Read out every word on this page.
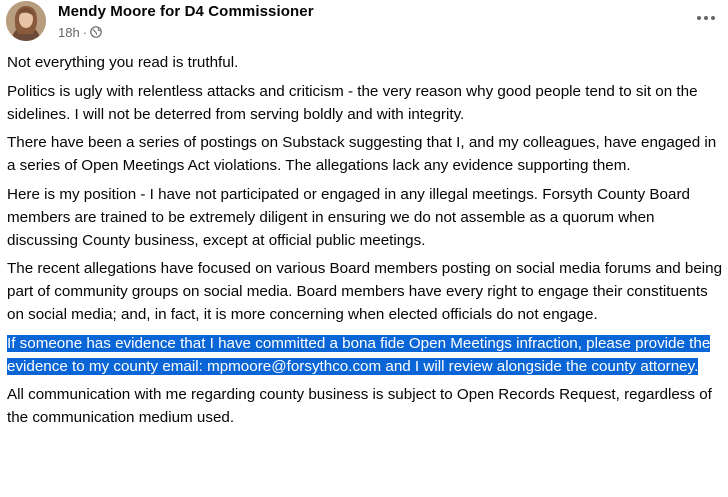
Mendy Moore for D4 Commissioner
18h ·

Not everything you read is truthful.

Politics is ugly with relentless attacks and criticism - the very reason why good people tend to sit on the sidelines. I will not be deterred from serving boldly and with integrity.

There have been a series of postings on Substack suggesting that I, and my colleagues, have engaged in a series of Open Meetings Act violations. The allegations lack any evidence supporting them.

Here is my position - I have not participated or engaged in any illegal meetings. Forsyth County Board members are trained to be extremely diligent in ensuring we do not assemble as a quorum when discussing County business, except at official public meetings.

The recent allegations have focused on various Board members posting on social media forums and being part of community groups on social media. Board members have every right to engage their constituents on social media; and, in fact, it is more concerning when elected officials do not engage.

If someone has evidence that I have committed a bona fide Open Meetings infraction, please provide the evidence to my county email: mpmoore@forsythco.com and I will review alongside the county attorney.

All communication with me regarding county business is subject to Open Records Request, regardless of the communication medium used.
